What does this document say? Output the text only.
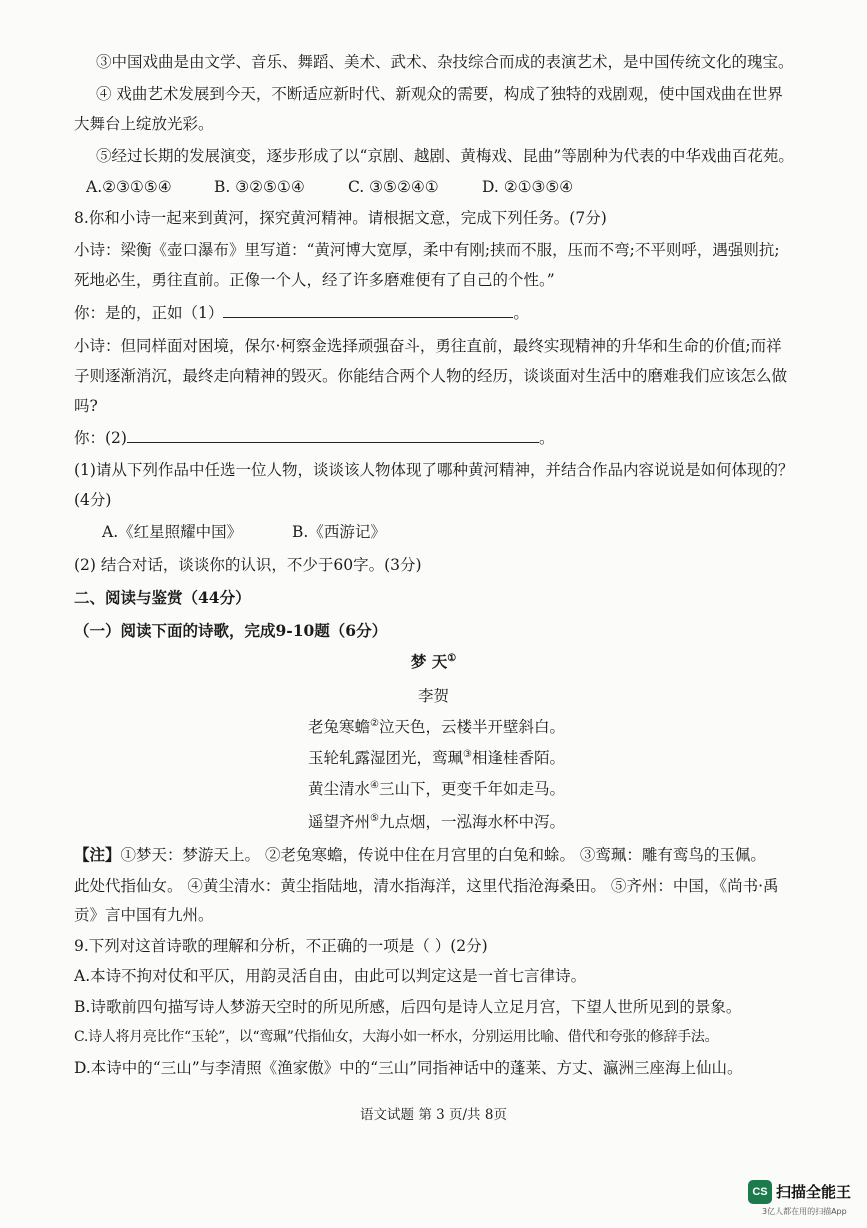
③中国戏曲是由文学、音乐、舞蹈、美术、武术、杂技综合而成的表演艺术，是中国传统文化的瑰宝。
④ 戏曲艺术发展到今天，不断适应新时代、新观众的需要，构成了独特的戏剧观，使中国戏曲在世界
大舞台上绽放光彩。
⑤经过长期的发展演变，逐步形成了以“京剧、越剧、黄梅戏、昆曲”等剧种为代表的中华戏曲百花苑。
A.②③①⑤④	B. ③②⑤①④	C. ③⑤②④①	D. ②①③⑤④
8.你和小诗一起来到黄河，探究黄河精神。请根据文意，完成下列任务。(7分)
小诗：梁衡《壶口瀑布》里写道：“黄河博大宽厚，柔中有刚;挟而不服，压而不弯;不平则呼，遇强则抗;
死地必生，勇往直前。正像一个人，经了许多磨难便有了自己的个性。”
你：是的，正如（1）	。
小诗：但同样面对困境，保尔·柯察金选择顽强奋斗，勇往直前，最终实现精神的升华和生命的价值;而祥
子则逐渐消沉，最终走向精神的毁灭。你能结合两个人物的经历，谈谈面对生活中的磨难我们应该怎么做
吗?
你：(2)	。
(1)请从下列作品中任选一位人物，谈谈该人物体现了哪种黄河精神，并结合作品内容说说是如何体现的？
(4分)
A.《红星照耀中国》	B.《西游记》
(2) 结合对话，谈谈你的认识，不少于60字。(3分)
二、阅读与鉴赏（44分）
（一）阅读下面的诗歌，完成9-10题（6分）
梦 天①
李贺
老兔寒蟾②泣天色，云楼半开壁斜白。
玉轮轧露湿团光，鸾珮③相逢桂香陌。
黄尘清水④三山下，更变千年如走马。
遥望齐州⑤九点烟，一泓海水杯中泻。
【注】①梦天：梦游天上。 ②老兔寒蟾，传说中住在月宫里的白兔和蜍。 ③鸾珮：雕有鸾鸟的玉佩。
此处代指仙女。 ④黄尘清水：黄尘指陆地，清水指海洋，这里代指沧海桑田。 ⑤齐州：中国，《尚书·禹
贡》言中国有九州。
9.下列对这首诗歌的理解和分析，不正确的一项是（ ）(2分)
A.本诗不拘对仗和平仄，用韵灵活自由，由此可以判定这是一首七言律诗。
B.诗歌前四句描写诗人梦游天空时的所见所感，后四句是诗人立足月宫，下望人世所见到的景象。
C.诗人将月亮比作“玉轮”，以“鸾珮”代指仙女，大海小如一杯水，分别运用比喻、借代和夸张的修辞手法。
D.本诗中的“三山”与李清照《渔家傲》中的“三山”同指神话中的蓬莱、方丈、瀛洲三座海上仙山。
语文试题 第 3 页/共 8页
CS 扫描全能王
3亿人都在用的扫描App
